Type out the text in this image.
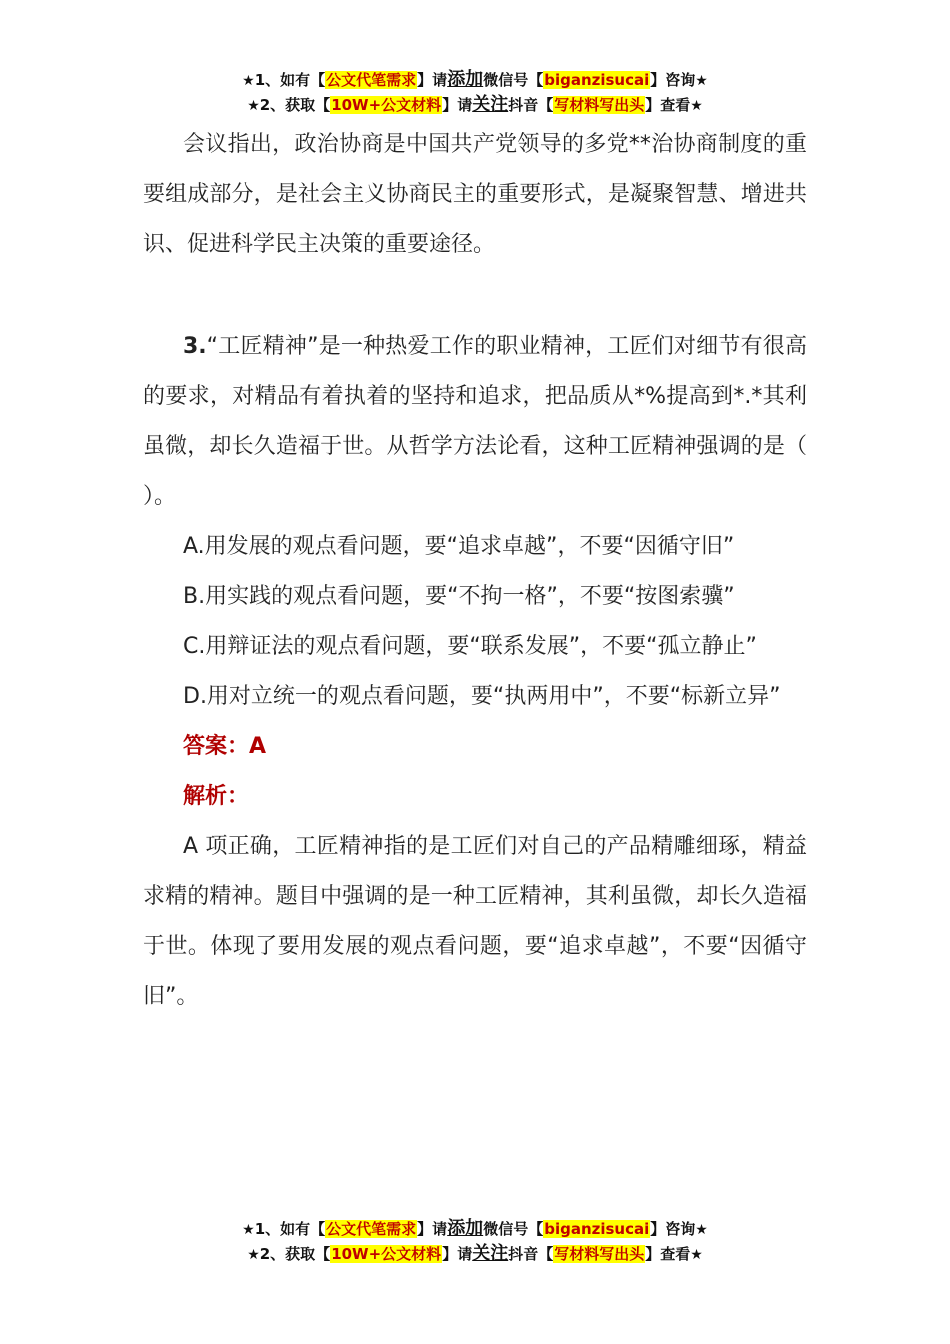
★1、如有【公文代笔需求】请添加微信号【biganzisucai】咨询★
★2、获取【10W+公文材料】请关注抖音【写材料写出头】查看★

会议指出，政治协商是中国共产党领导的多党**治协商制度的重要组成部分，是社会主义协商民主的重要形式，是凝聚智慧、增进共识、促进科学民主决策的重要途径。

3.“工匠精神”是一种热爱工作的职业精神，工匠们对细节有很高的要求，对精品有着执着的坚持和追求，把品质从*%提高到*.*其利虽微，却长久造福于世。从哲学方法论看，这种工匠精神强调的是（ ）。

A.用发展的观点看问题，要“追求卓越”，不要“因循守旧”

B.用实践的观点看问题，要“不拘一格”，不要“按图索骥”

C.用辩证法的观点看问题，要“联系发展”，不要“孤立静止”

D.用对立统一的观点看问题，要“执两用中”，不要“标新立异”

答案：A

解析：

A 项正确，工匠精神指的是工匠们对自己的产品精雕细琢，精益求精的精神。题目中强调的是一种工匠精神，其利虽微，却长久造福于世。体现了要用发展的观点看问题，要“追求卓越”，不要“因循守旧”。

★1、如有【公文代笔需求】请添加微信号【biganzisucai】咨询★
★2、获取【10W+公文材料】请关注抖音【写材料写出头】查看★
